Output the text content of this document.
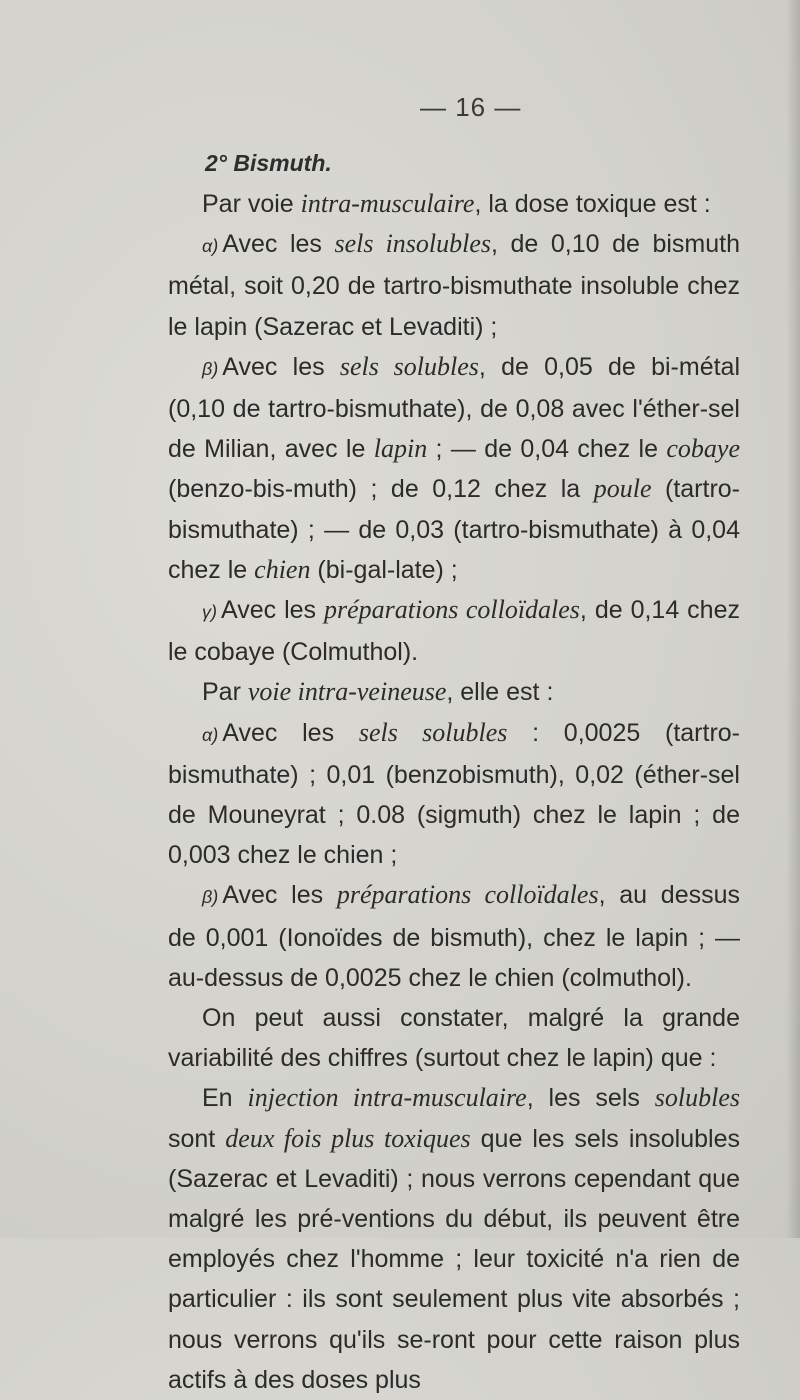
— 16 —
2° Bismuth.

Par voie intra-musculaire, la dose toxique est :

α) Avec les sels insolubles, de 0,10 de bismuth métal, soit 0,20 de tartro-bismuthate insoluble chez le lapin (Sazerac et Levaditi) ;

β) Avec les sels solubles, de 0,05 de bi-métal (0,10 de tartro-bismuthate), de 0,08 avec l'éther-sel de Milian, avec le lapin ; — de 0,04 chez le cobaye (benzo-bis-muth) ; de 0,12 chez la poule (tartro-bismuthate) ; — de 0,03 (tartro-bismuthate) à 0,04 chez le chien (bi-gal-late) ;

γ) Avec les préparations colloïdales, de 0,14 chez le cobaye (Colmuthol).

Par voie intra-veineuse, elle est :

α) Avec les sels solubles : 0,0025 (tartro-bismuthate) ; 0,01 (benzobismuth), 0,02 (éther-sel de Mouneyrat ; 0.08 (sigmuth) chez le lapin ; de 0,003 chez le chien ;

β) Avec les préparations colloïdales, au dessus de 0,001 (Ionoïdes de bismuth), chez le lapin ; — au-dessus de 0,0025 chez le chien (colmuthol).

On peut aussi constater, malgré la grande variabilité des chiffres (surtout chez le lapin) que :

En injection intra-musculaire, les sels solubles sont deux fois plus toxiques que les sels insolubles (Sazerac et Levaditi) ; nous verrons cependant que malgré les pré-ventions du début, ils peuvent être employés chez l'homme ; leur toxicité n'a rien de particulier : ils sont seulement plus vite absorbés ; nous verrons qu'ils se-ront pour cette raison plus actifs à des doses plus
